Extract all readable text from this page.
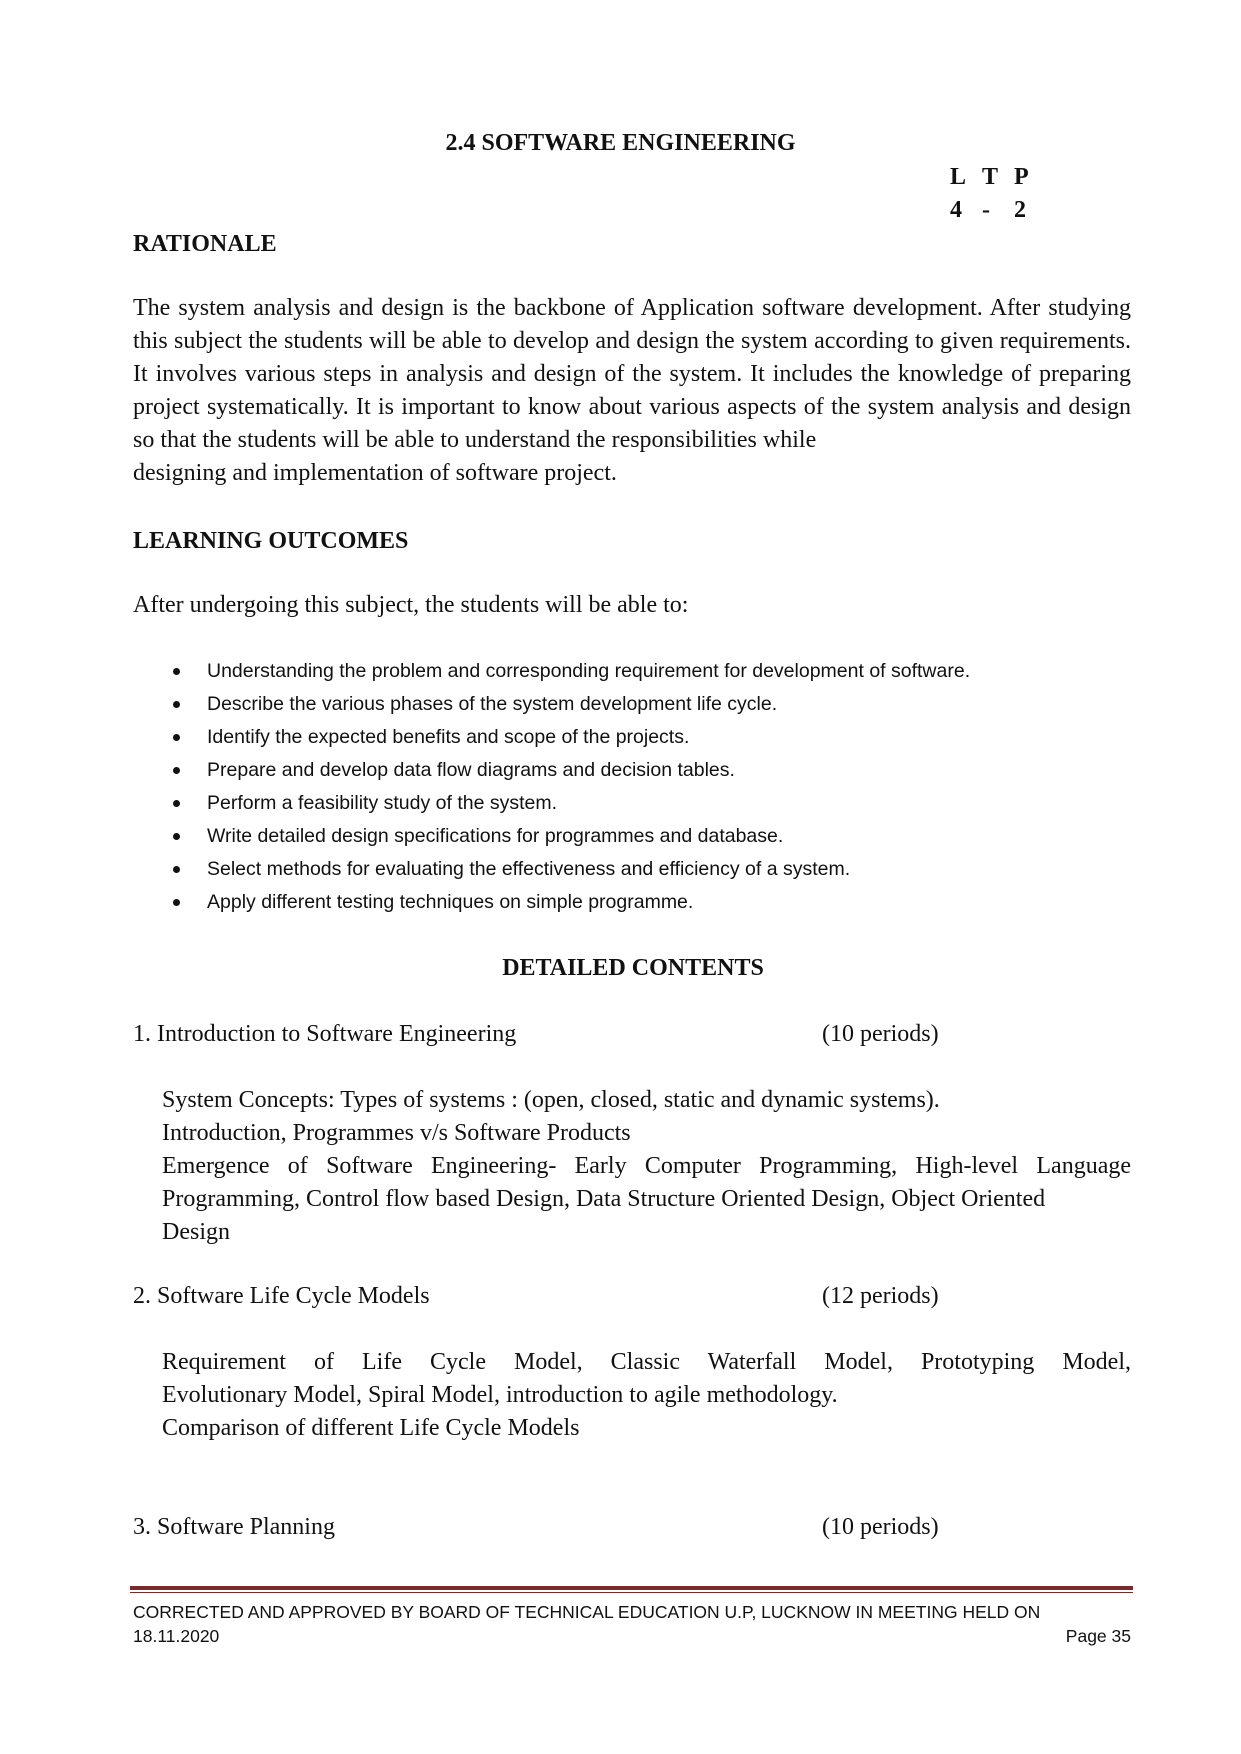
2.4 SOFTWARE ENGINEERING
L T P
4 - 2
RATIONALE

The system analysis and design is the backbone of Application software development. After studying this subject the students will be able to develop and design the system according to given requirements. It involves various steps in analysis and design of the system. It includes the knowledge of preparing project systematically. It is important to know about various aspects of the system analysis and design so that the students will be able to understand the responsibilities while
designing and implementation of software project.

LEARNING OUTCOMES

After undergoing this subject, the students will be able to:

Understanding the problem and corresponding requirement for development of software.
Describe the various phases of the system development life cycle.
Identify the expected benefits and scope of the projects.
Prepare and develop data flow diagrams and decision tables.
Perform a feasibility study of the system.
Write detailed design specifications for programmes and database.
Select methods for evaluating the effectiveness and efficiency of a system.
Apply different testing techniques on simple programme.
DETAILED CONTENTS
1. Introduction to Software Engineering	(10 periods)
System Concepts: Types of systems : (open, closed, static and dynamic systems).
Introduction, Programmes v/s Software Products
Emergence of Software Engineering- Early Computer Programming, High-level Language Programming, Control flow based Design, Data Structure Oriented Design, Object Oriented
Design
2. Software Life Cycle Models	(12 periods)
Requirement of Life Cycle Model, Classic Waterfall Model, Prototyping Model,
Evolutionary Model, Spiral Model, introduction to agile methodology.
Comparison of different Life Cycle Models
3. Software Planning	(10 periods)
CORRECTED AND APPROVED BY BOARD OF TECHNICAL EDUCATION U.P, LUCKNOW IN MEETING HELD ON
18.11.2020	Page 35
